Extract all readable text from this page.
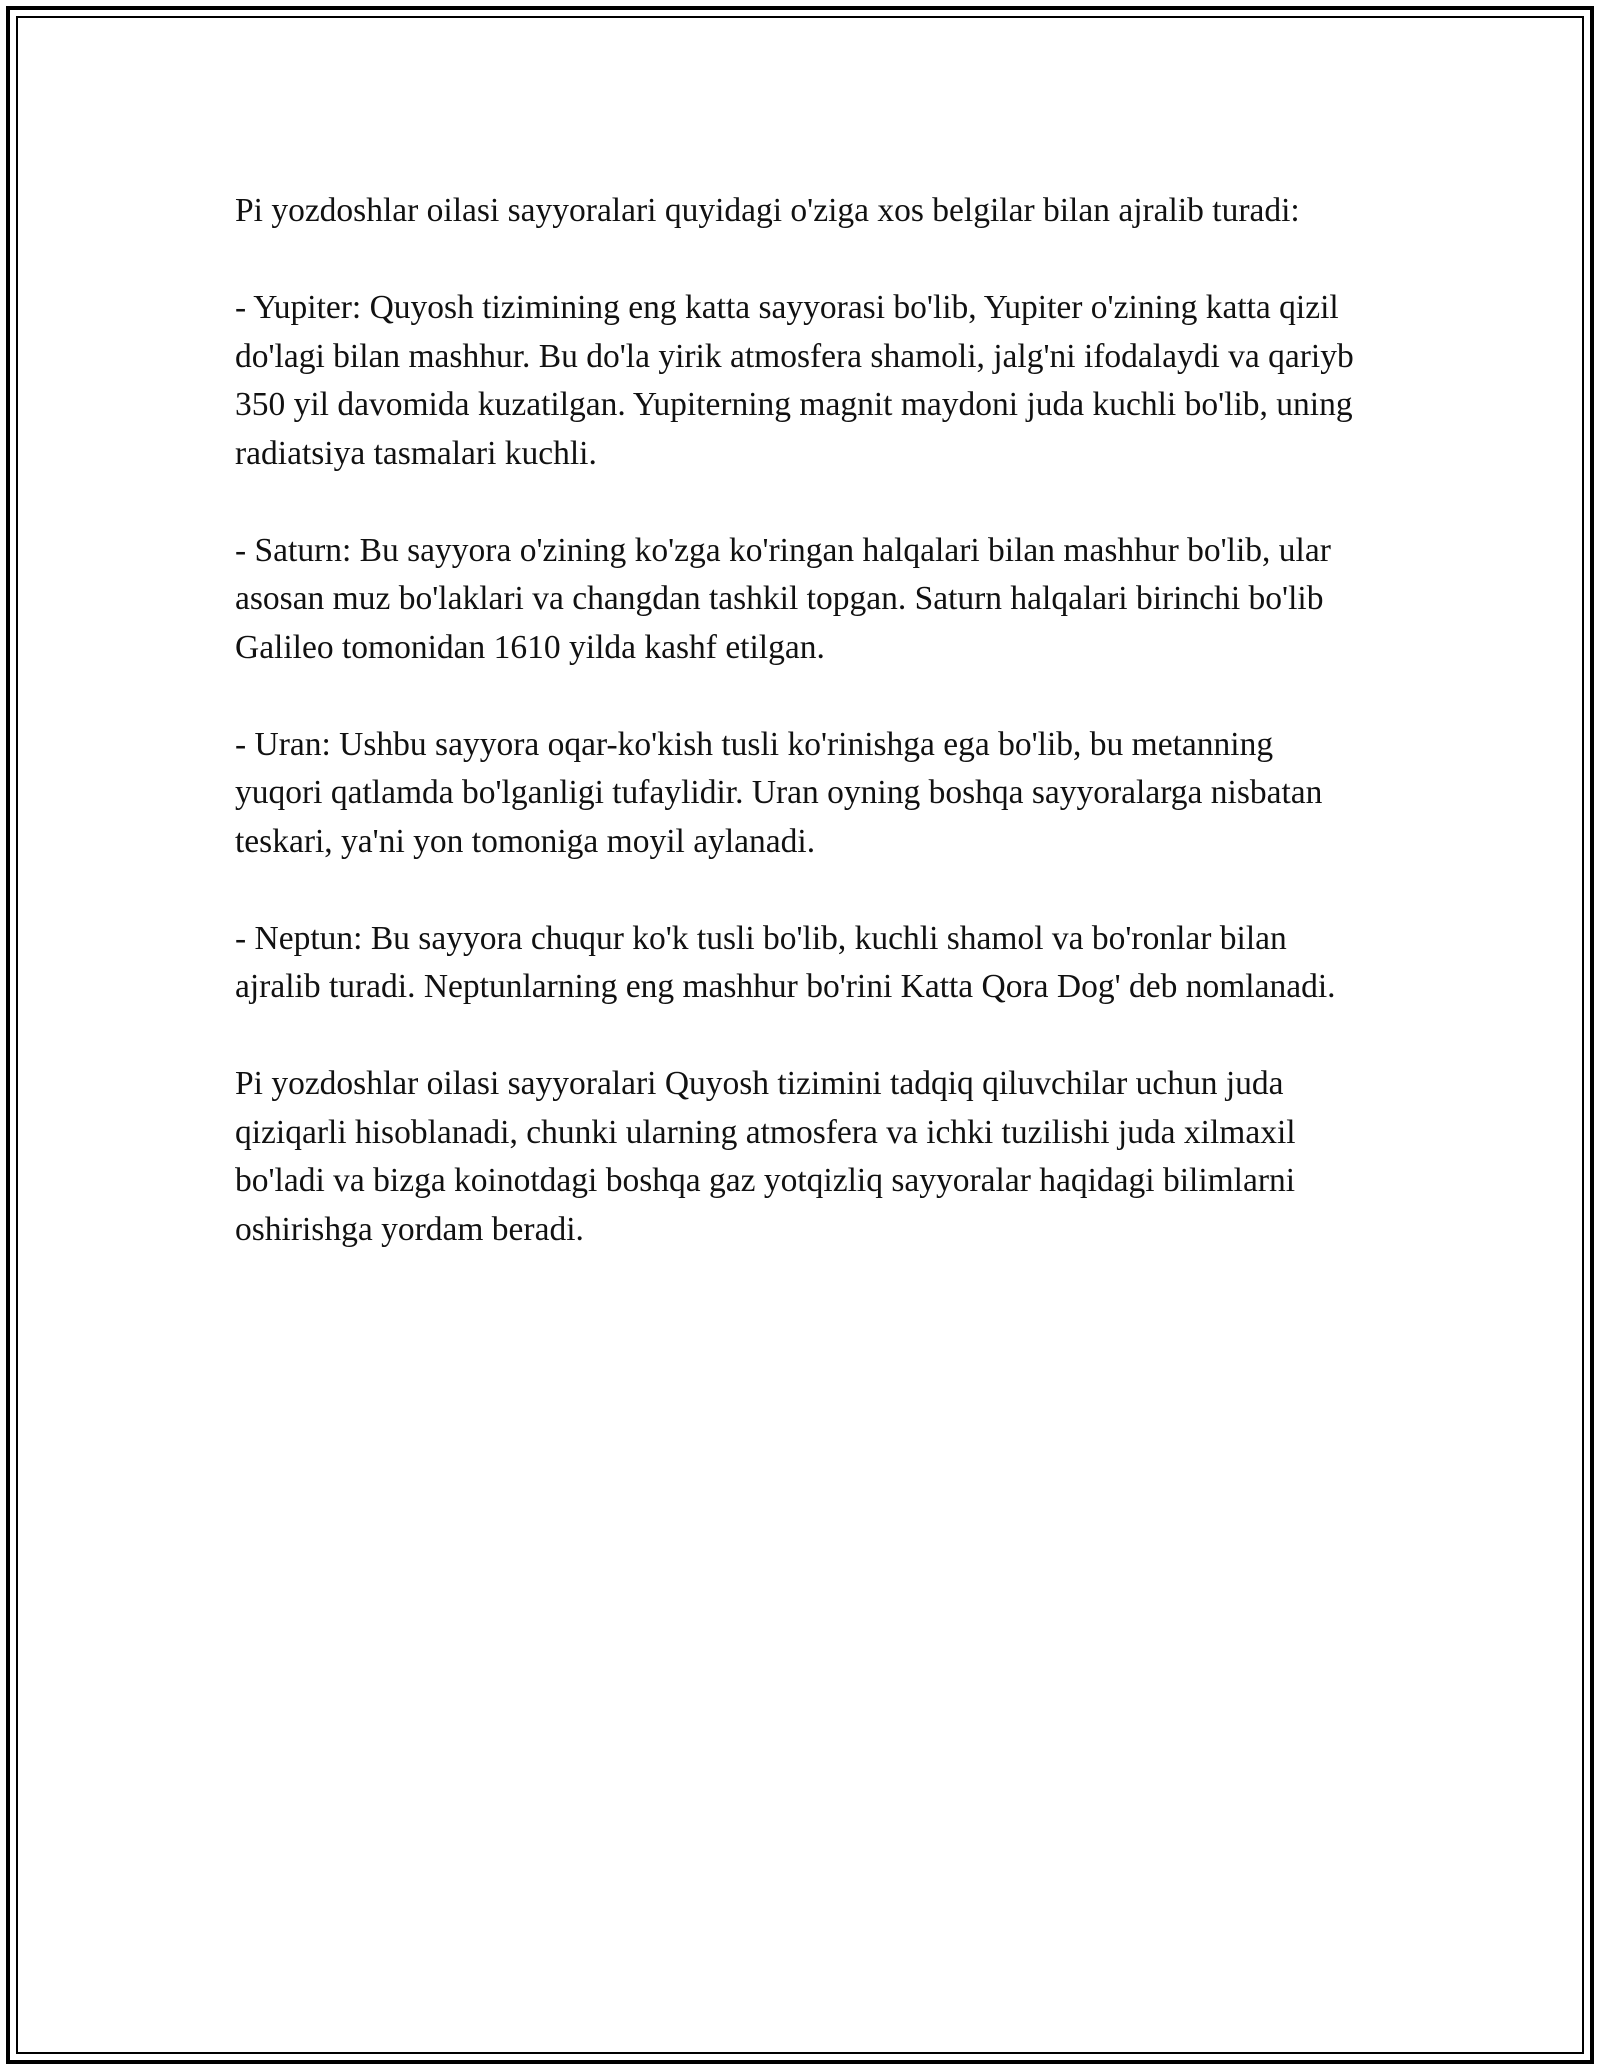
Pi yozdoshlar oilasi sayyoralari quyidagi o'ziga xos belgilar bilan ajralib turadi:

- Yupiter: Quyosh tizimining eng katta sayyorasi bo'lib, Yupiter o'zining katta qizil do'lagi bilan mashhur. Bu do'la yirik atmosfera shamoli, jalg'ni ifodalaydi va qariyb 350 yil davomida kuzatilgan. Yupiterning magnit maydoni juda kuchli bo'lib, uning radiatsiya tasmalari kuchli.

- Saturn: Bu sayyora o'zining ko'zga ko'ringan halqalari bilan mashhur bo'lib, ular asosan muz bo'laklari va changdan tashkil topgan. Saturn halqalari birinchi bo'lib Galileo tomonidan 1610 yilda kashf etilgan.

- Uran: Ushbu sayyora oqar-ko'kish tusli ko'rinishga ega bo'lib, bu metanning yuqori qatlamda bo'lganligi tufaylidir. Uran oyning boshqa sayyoralarga nisbatan teskari, ya'ni yon tomoniga moyil aylanadi.

- Neptun: Bu sayyora chuqur ko'k tusli bo'lib, kuchli shamol va bo'ronlar bilan ajralib turadi. Neptunlarning eng mashhur bo'rini Katta Qora Dog' deb nomlanadi.

Pi yozdoshlar oilasi sayyoralari Quyosh tizimini tadqiq qiluvchilar uchun juda qiziqarli hisoblanadi, chunki ularning atmosfera va ichki tuzilishi juda xilmaxil bo'ladi va bizga koinotdagi boshqa gaz yotqizliq sayyoralar haqidagi bilimlarni oshirishga yordam beradi.
